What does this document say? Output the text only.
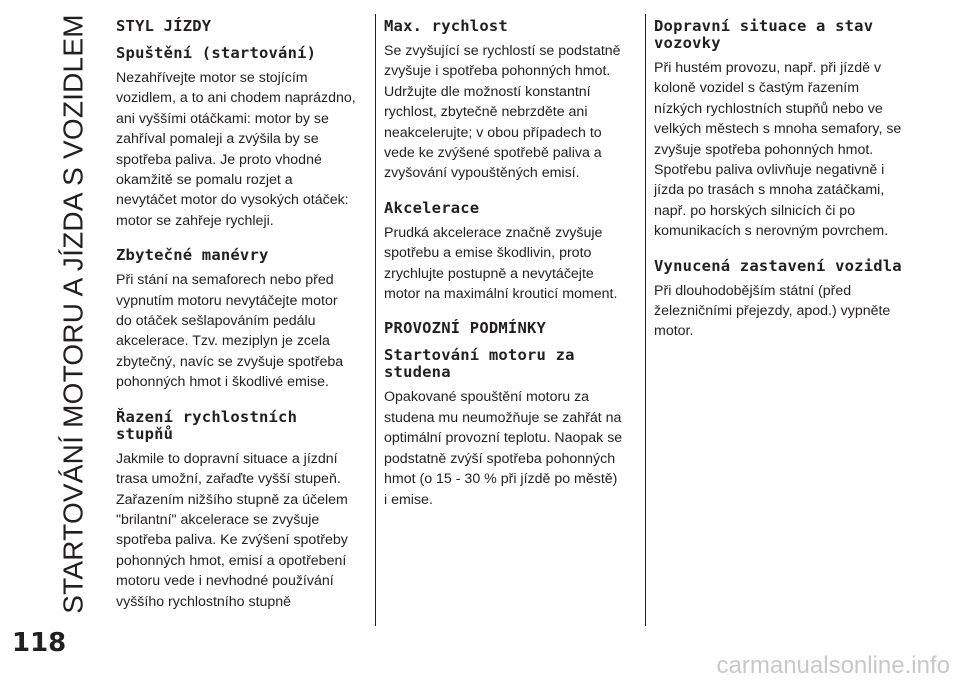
STARTOVÁNÍ MOTORU A JÍZDA S VOZIDLEM
118
STYL JÍZDY
Spuštění (startování)

Nezahřívejte motor se stojícím vozidlem, a to ani chodem naprázdno, ani vyššími otáčkami: motor by se zahříval pomaleji a zvýšila by se spotřeba paliva. Je proto vhodné okamžitě se pomalu rozjet a nevytáčet motor do vysokých otáček: motor se zahřeje rychleji.

Zbytečné manévry

Při stání na semaforech nebo před vypnutím motoru nevytáčejte motor do otáček sešlapováním pedálu akcelerace. Tzv. meziplyn je zcela zbytečný, navíc se zvyšuje spotřeba pohonných hmot i škodlivé emise.

Řazení rychlostních stupňů

Jakmile to dopravní situace a jízdní trasa umožní, zařaďte vyšší stupeň. Zařazením nižšího stupně za účelem "brilantní" akcelerace se zvyšuje spotřeba paliva. Ke zvýšení spotřeby pohonných hmot, emisí a opotřebení motoru vede i nevhodné používání vyššího rychlostního stupně

Max. rychlost

Se zvyšující se rychlostí se podstatně zvyšuje i spotřeba pohonných hmot. Udržujte dle možností konstantní rychlost, zbytečně nebrzděte ani neakcelerujte; v obou případech to vede ke zvýšené spotřebě paliva a zvyšování vypouštěných emisí.

Akcelerace

Prudká akcelerace značně zvyšuje spotřebu a emise škodlivin, proto zrychlujte postupně a nevytáčejte motor na maximální krouticí moment.

PROVOZNÍ PODMÍNKY
Startování motoru za studena

Opakované spouštění motoru za studena mu neumožňuje se zahřát na optimální provozní teplotu. Naopak se podstatně zvýší spotřeba pohonných hmot (o 15 - 30 % při jízdě po městě) i emise.

Dopravní situace a stav vozovky

Při hustém provozu, např. při jízdě v koloně vozidel s častým řazením nízkých rychlostních stupňů nebo ve velkých městech s mnoha semafory, se zvyšuje spotřeba pohonných hmot. Spotřebu paliva ovlivňuje negativně i jízda po trasách s mnoha zatáčkami, např. po horských silnicích či po komunikacích s nerovným povrchem.

Vynucená zastavení vozidla

Při dlouhodobějším státní (před železničními přejezdy, apod.) vypněte motor.

carmanualsonline.info
